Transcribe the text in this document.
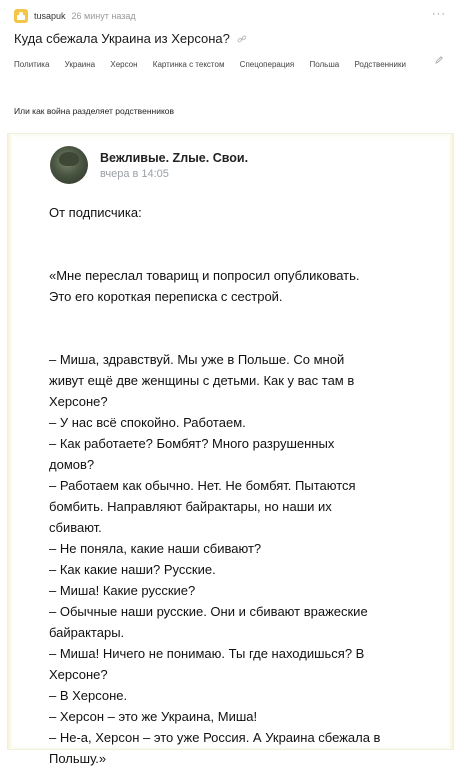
tusapuk 26 минут назад	···
Куда сбежала Украина из Херсона?
Политика Украина Херсон Картинка с текстом Спецоперация Польша Родственники
Или как война разделяет родственников
Вежливые. Zлые. Свои.
вчера в 14:05

От подписчика:

«Мне переслал товарищ и попросил опубликовать.

Это его короткая переписка с сестрой.

– Миша, здравствуй. Мы уже в Польше. Со мной

живут ещё две женщины с детьми. Как у вас там в

Херсоне?

– У нас всё спокойно. Работаем.

– Как работаете? Бомбят? Много разрушенных

домов?

– Работаем как обычно. Нет. Не бомбят. Пытаются

бомбить. Направляют байрактары, но наши их

сбивают.

– Не поняла, какие наши сбивают?

– Как какие наши? Русские.

– Миша! Какие русские?

– Обычные наши русские. Они и сбивают вражеские

байрактары.

– Миша! Ничего не понимаю. Ты где находишься? В

Херсоне?

– В Херсоне.

– Херсон – это же Украина, Миша!

– Не-а, Херсон – это уже Россия. А Украина сбежала в

Польшу.»
